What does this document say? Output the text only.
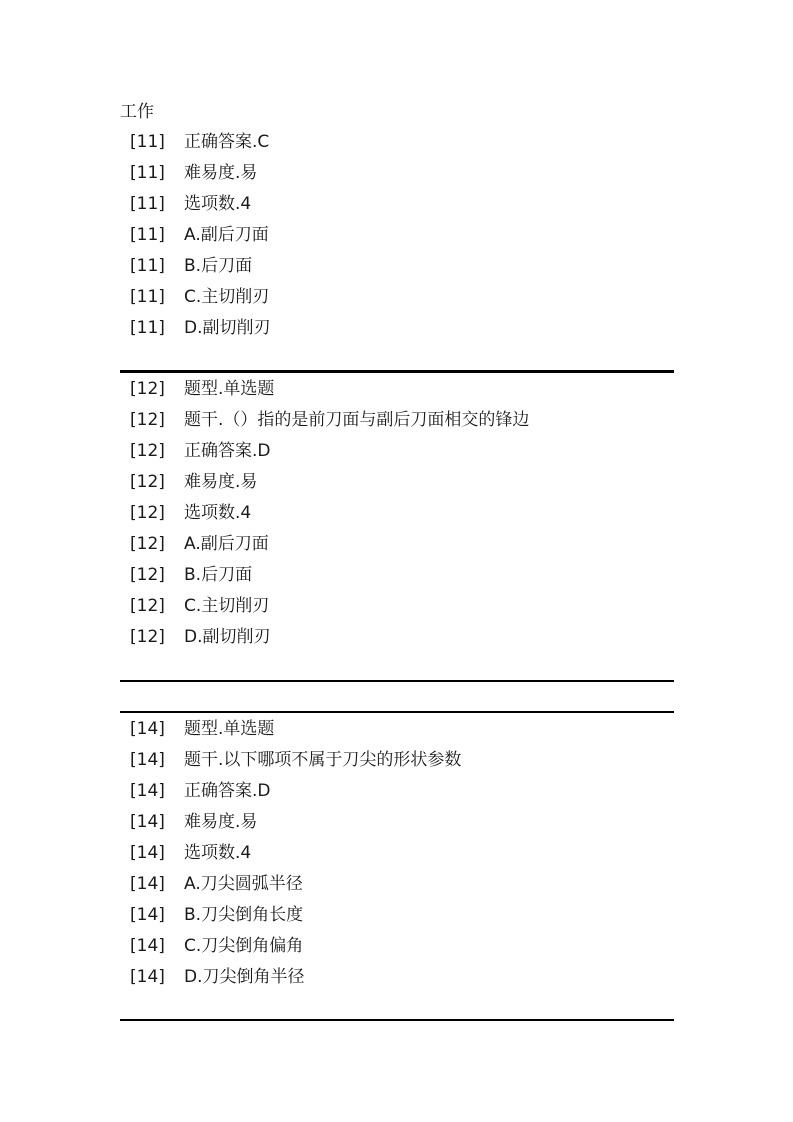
工作
[11] 正确答案.C
[11] 难易度.易
[11] 选项数.4
[11] A.副后刀面
[11] B.后刀面
[11] C.主切削刃
[11] D.副切削刃
[12] 题型.单选题
[12] 题干.（）指的是前刀面与副后刀面相交的锋边
[12] 正确答案.D
[12] 难易度.易
[12] 选项数.4
[12] A.副后刀面
[12] B.后刀面
[12] C.主切削刃
[12] D.副切削刃
[14] 题型.单选题
[14] 题干.以下哪项不属于刀尖的形状参数
[14] 正确答案.D
[14] 难易度.易
[14] 选项数.4
[14] A.刀尖圆弧半径
[14] B.刀尖倒角长度
[14] C.刀尖倒角偏角
[14] D.刀尖倒角半径
